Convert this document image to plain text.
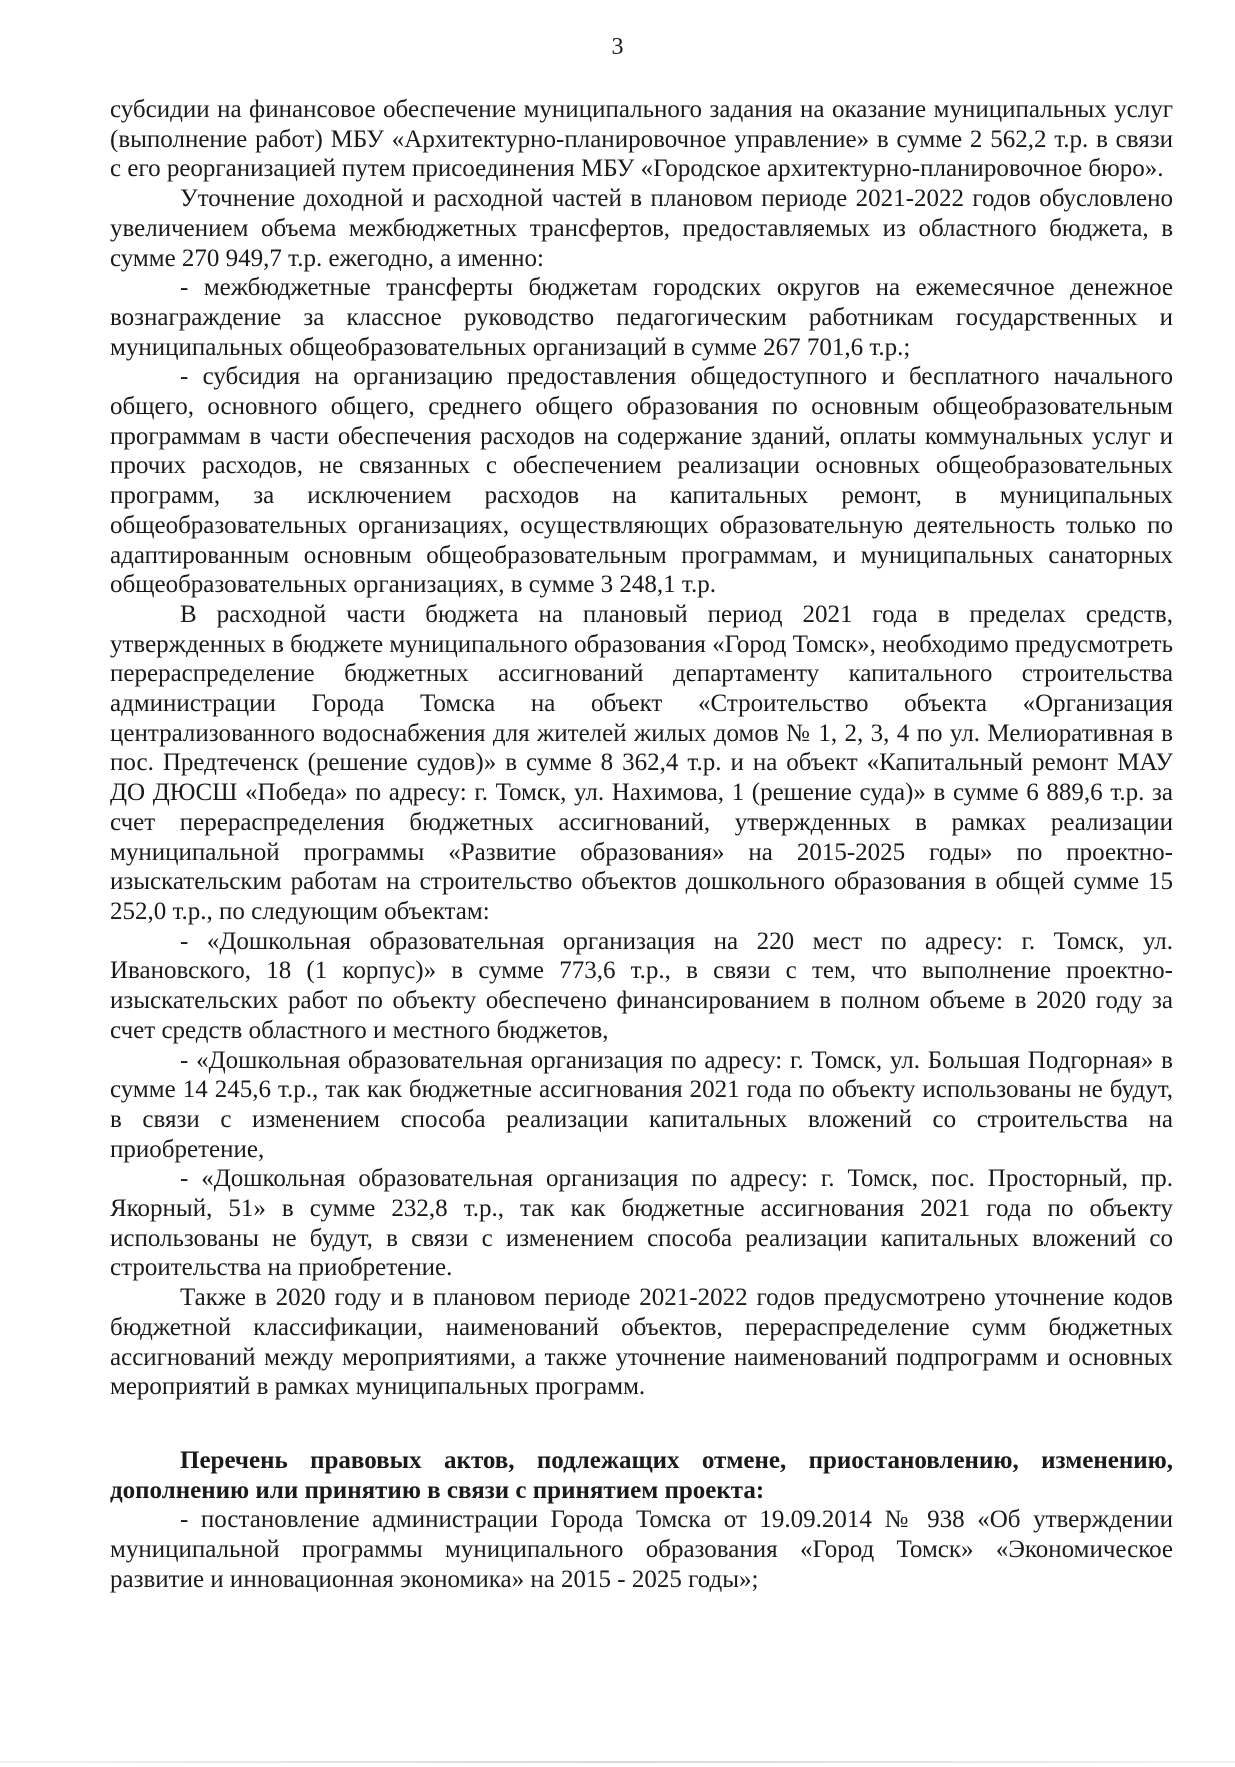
3

субсидии на финансовое обеспечение муниципального задания на оказание муниципальных услуг (выполнение работ) МБУ «Архитектурно-планировочное управление» в сумме 2 562,2 т.р. в связи с его реорганизацией путем присоединения МБУ «Городское архитектурно-планировочное бюро».

Уточнение доходной и расходной частей в плановом периоде 2021-2022 годов обусловлено увеличением объема межбюджетных трансфертов, предоставляемых из областного бюджета, в сумме 270 949,7 т.р. ежегодно, а именно:

- межбюджетные трансферты бюджетам городских округов на ежемесячное денежное вознаграждение за классное руководство педагогическим работникам государственных и муниципальных общеобразовательных организаций в сумме 267 701,6 т.р.;

- субсидия на организацию предоставления общедоступного и бесплатного начального общего, основного общего, среднего общего образования по основным общеобразовательным программам в части обеспечения расходов на содержание зданий, оплаты коммунальных услуг и прочих расходов, не связанных с обеспечением реализации основных общеобразовательных программ, за исключением расходов на капитальных ремонт, в муниципальных общеобразовательных организациях, осуществляющих образовательную деятельность только по адаптированным основным общеобразовательным программам, и муниципальных санаторных общеобразовательных организациях, в сумме 3 248,1 т.р.

В расходной части бюджета на плановый период 2021 года в пределах средств, утвержденных в бюджете муниципального образования «Город Томск», необходимо предусмотреть перераспределение бюджетных ассигнований департаменту капитального строительства администрации Города Томска на объект «Строительство объекта «Организация централизованного водоснабжения для жителей жилых домов № 1, 2, 3, 4 по ул. Мелиоративная в пос. Предтеченск (решение судов)» в сумме 8 362,4 т.р. и на объект «Капитальный ремонт МАУ ДО ДЮСШ «Победа» по адресу: г. Томск, ул. Нахимова, 1 (решение суда)» в сумме 6 889,6 т.р. за счет перераспределения бюджетных ассигнований, утвержденных в рамках реализации муниципальной программы «Развитие образования» на 2015-2025 годы» по проектно-изыскательским работам на строительство объектов дошкольного образования в общей сумме 15 252,0 т.р., по следующим объектам:

- «Дошкольная образовательная организация на 220 мест по адресу: г. Томск, ул. Ивановского, 18 (1 корпус)» в сумме 773,6 т.р., в связи с тем, что выполнение проектно-изыскательских работ по объекту обеспечено финансированием в полном объеме в 2020 году за счет средств областного и местного бюджетов,

- «Дошкольная образовательная организация по адресу: г. Томск, ул. Большая Подгорная» в сумме 14 245,6 т.р., так как бюджетные ассигнования 2021 года по объекту использованы не будут, в связи с изменением способа реализации капитальных вложений со строительства на приобретение,

- «Дошкольная образовательная организация по адресу: г. Томск, пос. Просторный, пр. Якорный, 51» в сумме 232,8 т.р., так как бюджетные ассигнования 2021 года по объекту использованы не будут, в связи с изменением способа реализации капитальных вложений со строительства на приобретение.

Также в 2020 году и в плановом периоде 2021-2022 годов предусмотрено уточнение кодов бюджетной классификации, наименований объектов, перераспределение сумм бюджетных ассигнований между мероприятиями, а также уточнение наименований подпрограмм и основных мероприятий в рамках муниципальных программ.

Перечень правовых актов, подлежащих отмене, приостановлению, изменению, дополнению или принятию в связи с принятием проекта:

- постановление администрации Города Томска от 19.09.2014 № 938 «Об утверждении муниципальной программы муниципального образования «Город Томск» «Экономическое развитие и инновационная экономика» на 2015 - 2025 годы»;
